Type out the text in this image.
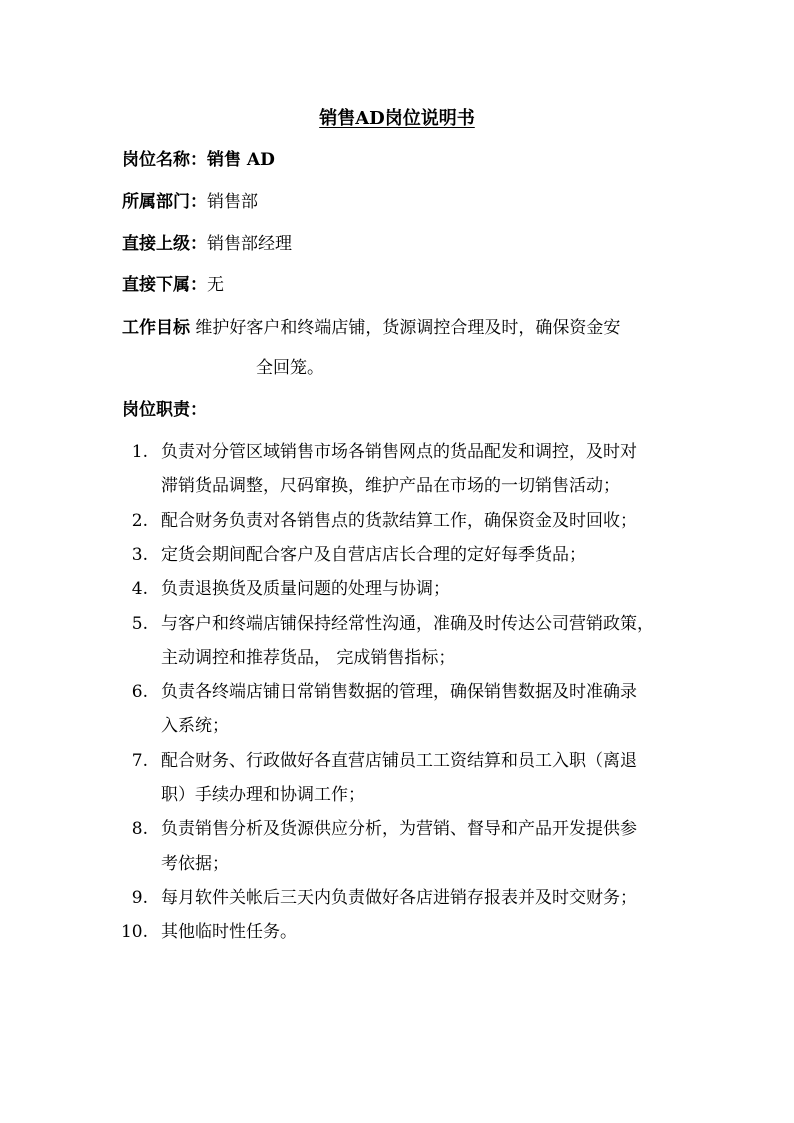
销售AD岗位说明书
岗位名称：销售 AD
所属部门：销售部
直接上级：销售部经理
直接下属：无
工作目标 维护好客户和终端店铺，货源调控合理及时，确保资金安
全回笼。
岗位职责：
1. 负责对分管区域销售市场各销售网点的货品配发和调控，及时对
滞销货品调整，尺码窜换，维护产品在市场的一切销售活动；
2. 配合财务负责对各销售点的货款结算工作，确保资金及时回收；
3. 定货会期间配合客户及自营店店长合理的定好每季货品；
4. 负责退换货及质量问题的处理与协调；
5. 与客户和终端店铺保持经常性沟通，准确及时传达公司营销政策，
主动调控和推荐货品， 完成销售指标；
6. 负责各终端店铺日常销售数据的管理，确保销售数据及时准确录
入系统；
7. 配合财务、行政做好各直营店铺员工工资结算和员工入职（离退
职）手续办理和协调工作；
8. 负责销售分析及货源供应分析，为营销、督导和产品开发提供参
考依据；
9. 每月软件关帐后三天内负责做好各店进销存报表并及时交财务；
10. 其他临时性任务。
